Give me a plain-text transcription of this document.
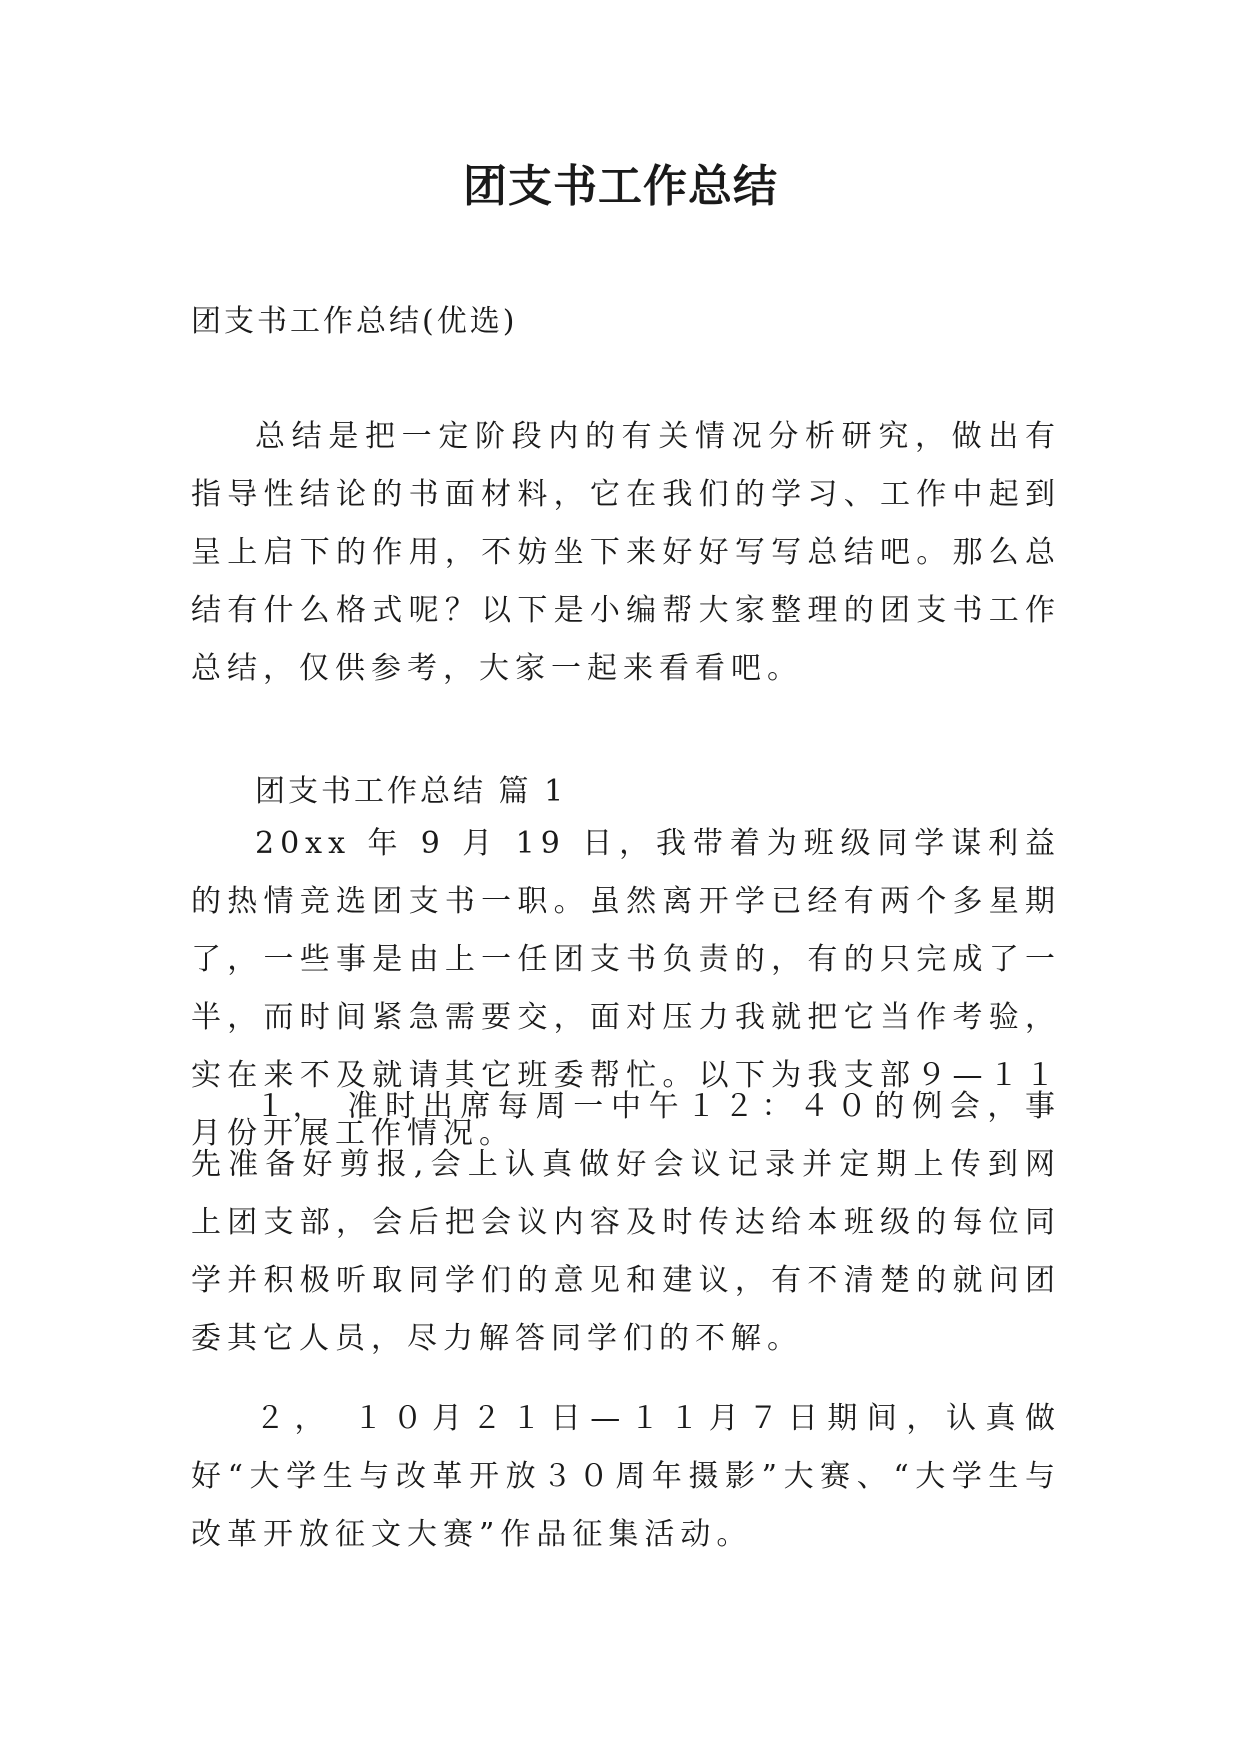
团支书工作总结
团支书工作总结(优选)
总结是把一定阶段内的有关情况分析研究，做出有指导性结论的书面材料，它在我们的学习、工作中起到呈上启下的作用，不妨坐下来好好写写总结吧。那么总结有什么格式呢？以下是小编帮大家整理的团支书工作总结，仅供参考，大家一起来看看吧。
团支书工作总结 篇 1
20xx 年 9 月 19 日，我带着为班级同学谋利益的热情竞选团支书一职。虽然离开学已经有两个多星期了，一些事是由上一任团支书负责的，有的只完成了一半，而时间紧急需要交，面对压力我就把它当作考验，实在来不及就请其它班委帮忙。以下为我支部９—１１月份开展工作情况。
１， 准时出席每周一中午１２：４０的例会，事先准备好剪报,会上认真做好会议记录并定期上传到网上团支部，会后把会议内容及时传达给本班级的每位同学并积极听取同学们的意见和建议，有不清楚的就问团委其它人员，尽力解答同学们的不解。
２， １０月２１日—１１月７日期间，认真做好“大学生与改革开放３０周年摄影”大赛、“大学生与改革开放征文大赛”作品征集活动。
